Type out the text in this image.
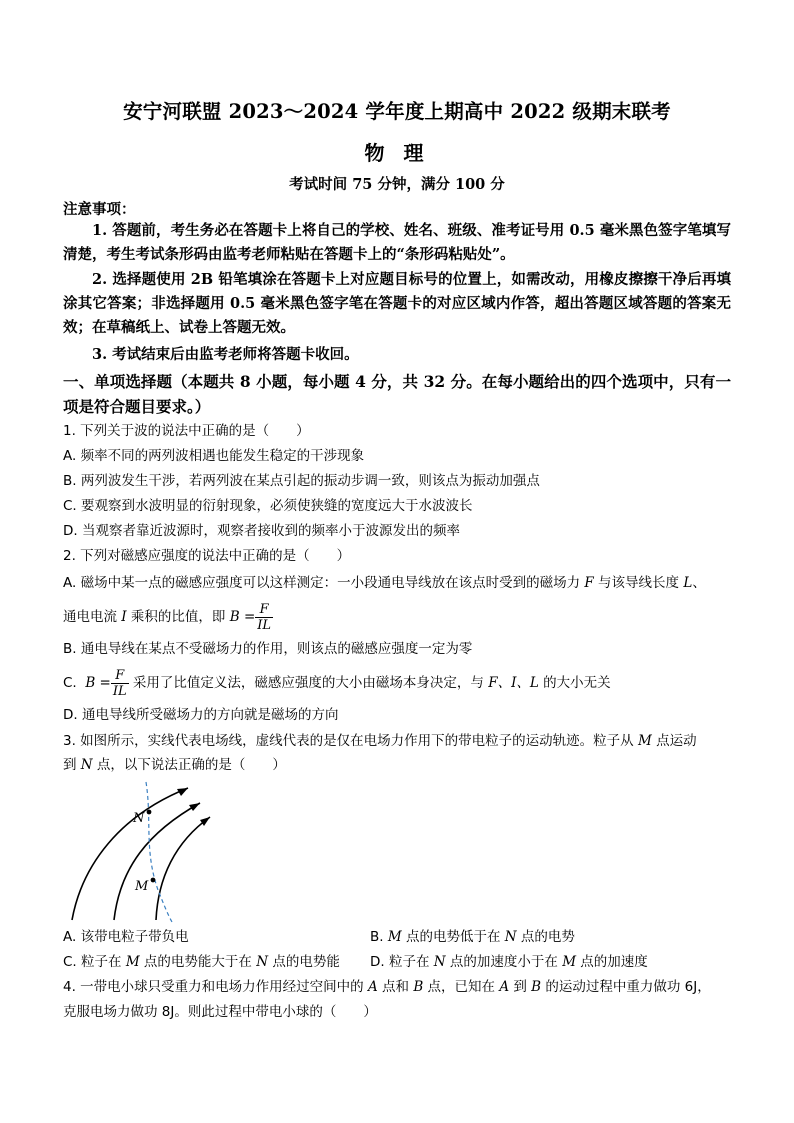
安宁河联盟 2023～2024 学年度上期高中 2022 级期末联考
物 理
考试时间 75 分钟，满分 100 分
注意事项：
1. 答题前，考生务必在答题卡上将自己的学校、姓名、班级、准考证号用 0.5 毫米黑色签字笔填写清楚，考生考试条形码由监考老师粘贴在答题卡上的“条形码粘贴处”。
2. 选择题使用 2B 铅笔填涂在答题卡上对应题目标号的位置上，如需改动，用橡皮擦擦干净后再填涂其它答案；非选择题用 0.5 毫米黑色签字笔在答题卡的对应区域内作答，超出答题区域答题的答案无效；在草稿纸上、试卷上答题无效。
3. 考试结束后由监考老师将答题卡收回。
一、单项选择题（本题共 8 小题，每小题 4 分，共 32 分。在每小题给出的四个选项中，只有一项是符合题目要求。）
1. 下列关于波的说法中正确的是（　　）
A. 频率不同的两列波相遇也能发生稳定的干涉现象
B. 两列波发生干涉，若两列波在某点引起的振动步调一致，则该点为振动加强点
C. 要观察到水波明显的衍射现象，必须使狭缝的宽度远大于水波波长
D. 当观察者靠近波源时，观察者接收到的频率小于波源发出的频率
2. 下列对磁感应强度的说法中正确的是（　　）
A. 磁场中某一点的磁感应强度可以这样测定：一小段通电导线放在该点时受到的磁场力 F 与该导线长度 L、
通电电流 I 乘积的比值，即 $B = \frac{F}{IL}$
B. 通电导线在某点不受磁场力的作用，则该点的磁感应强度一定为零
C. $B = \frac{F}{IL}$ 采用了比值定义法，磁感应强度的大小由磁场本身决定，与 F、I、L 的大小无关
D. 通电导线所受磁场力的方向就是磁场的方向
3. 如图所示，实线代表电场线，虚线代表的是仅在电场力作用下的带电粒子的运动轨迹。粒子从 M 点运动
到 N 点，以下说法正确的是（　　）
N
M
A. 该带电粒子带负电	B. M 点的电势低于在 N 点的电势
C. 粒子在 M 点的电势能大于在 N 点的电势能 D. 粒子在 N 点的加速度小于在 M 点的加速度
4. 一带电小球只受重力和电场力作用经过空间中的 A 点和 B 点，已知在 A 到 B 的运动过程中重力做功 6J，
克服电场力做功 8J。则此过程中带电小球的（　　）
